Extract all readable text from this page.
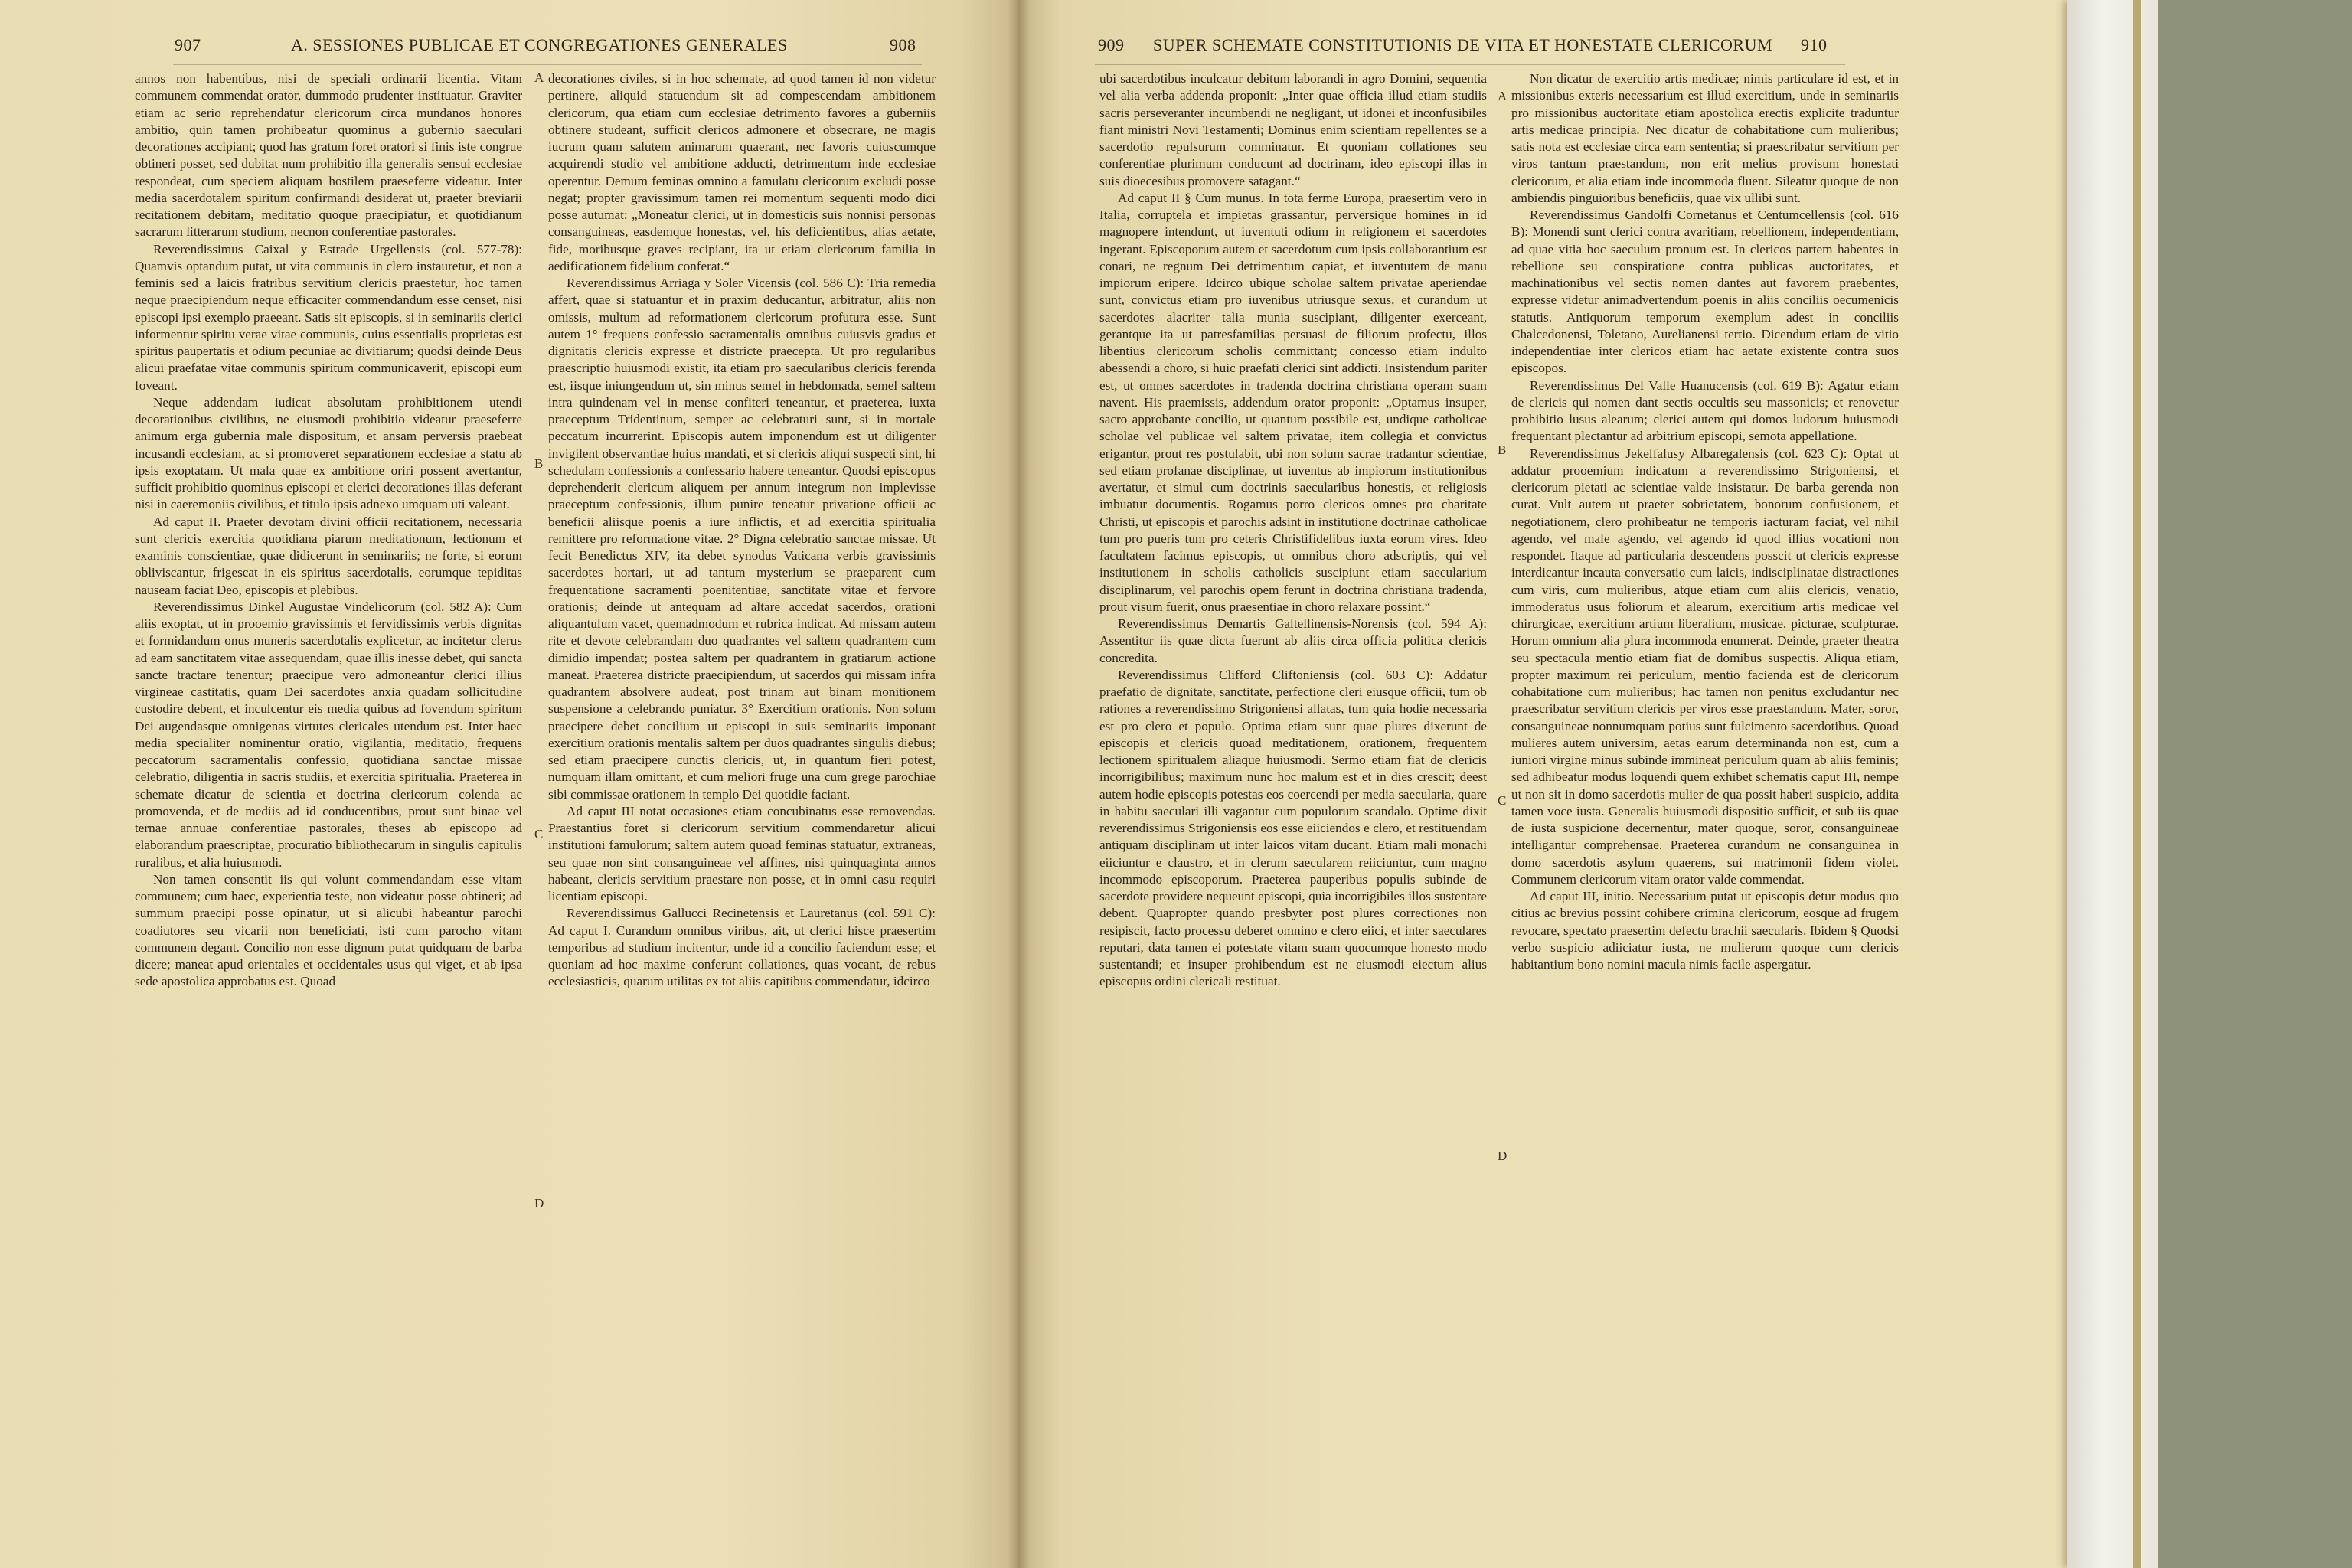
907	A. SESSIONES PUBLICAE ET CONGREGATIONES GENERALES	908

annos non habentibus, nisi de speciali ordinarii licentia. Vitam communem commendat orator, dummodo prudenter instituatur. Graviter etiam ac serio reprehendatur clericorum circa mundanos honores ambitio, quin tamen prohibeatur quominus a gubernio saeculari decorationes accipiant; quod has gratum foret oratori si finis iste congrue obtineri posset, sed dubitat num prohibitio illa generalis sensui ecclesiae respondeat, cum speciem aliquam hostilem praeseferre videatur. Inter media sacerdotalem spiritum confirmandi desiderat ut, praeter breviarii recitationem debitam, meditatio quoque praecipiatur, et quotidianum sacrarum litterarum studium, necnon conferentiae pastorales.

Reverendissimus Caixal y Estrade Urgellensis (col. 577-78): Quamvis optandum putat, ut vita communis in clero instauretur, et non a feminis sed a laicis fratribus servitium clericis praestetur, hoc tamen neque praecipiendum neque efficaciter commendandum esse censet, nisi episcopi ipsi exemplo praeeant. Satis sit episcopis, si in seminariis clerici informentur spiritu verae vitae communis, cuius essentialis proprietas est spiritus paupertatis et odium pecuniae ac divitiarum; quodsi deinde Deus alicui praefatae vitae communis spiritum communicaverit, episcopi eum foveant.

Neque addendam iudicat absolutam prohibitionem utendi decorationibus civilibus, ne eiusmodi prohibitio videatur praeseferre animum erga gubernia male dispositum, et ansam perversis praebeat incusandi ecclesiam, ac si promoveret separationem ecclesiae a statu ab ipsis exoptatam. Ut mala quae ex ambitione oriri possent avertantur, sufficit prohibitio quominus episcopi et clerici decorationes illas deferant nisi in caeremoniis civilibus, et titulo ipsis adnexo umquam uti valeant.

Ad caput II. Praeter devotam divini officii recitationem, necessaria sunt clericis exercitia quotidiana piarum meditationum, lectionum et examinis conscientiae, quae didicerunt in seminariis; ne forte, si eorum obliviscantur, frigescat in eis spiritus sacerdotalis, eorumque tepiditas nauseam faciat Deo, episcopis et plebibus.

Reverendissimus Dinkel Augustae Vindelicorum (col. 582 A): Cum aliis exoptat, ut in prooemio gravissimis et fervidissimis verbis dignitas et formidandum onus muneris sacerdotalis explicetur, ac incitetur clerus ad eam sanctitatem vitae assequendam, quae illis inesse debet, qui sancta sancte tractare tenentur; praecipue vero admoneantur clerici illius virgineae castitatis, quam Dei sacerdotes anxia quadam sollicitudine custodire debent, et inculcentur eis media quibus ad fovendum spiritum Dei augendasque omnigenas virtutes clericales utendum est. Inter haec media specialiter nominentur oratio, vigilantia, meditatio, frequens peccatorum sacramentalis confessio, quotidiana sanctae missae celebratio, diligentia in sacris studiis, et exercitia spiritualia. Praeterea in schemate dicatur de scientia et doctrina clericorum colenda ac promovenda, et de mediis ad id conducentibus, prout sunt binae vel ternae annuae conferentiae pastorales, theses ab episcopo ad elaborandum praescriptae, procuratio bibliothecarum in singulis capitulis ruralibus, et alia huiusmodi.

Non tamen consentit iis qui volunt commendandam esse vitam communem; cum haec, experientia teste, non videatur posse obtineri; ad summum praecipi posse opinatur, ut si alicubi habeantur parochi coadiutores seu vicarii non beneficiati, isti cum parocho vitam communem degant. Concilio non esse dignum putat quidquam de barba dicere; maneat apud orientales et occidentales usus qui viget, et ab ipsa sede apostolica approbatus est. Quoad

A
B
C
D

decorationes civiles, si in hoc schemate, ad quod tamen id non videtur pertinere, aliquid statuendum sit ad compescendam ambitionem clericorum, qua etiam cum ecclesiae detrimento favores a guberniis obtinere studeant, sufficit clericos admonere et obsecrare, ne magis iucrum quam salutem animarum quaerant, nec favoris cuiuscumque acquirendi studio vel ambitione adducti, detrimentum inde ecclesiae operentur. Demum feminas omnino a famulatu clericorum excludi posse negat; propter gravissimum tamen rei momentum sequenti modo dici posse autumat: „Moneatur clerici, ut in domesticis suis nonnisi personas consanguineas, easdemque honestas, vel, his deficientibus, alias aetate, fide, moribusque graves recipiant, ita ut etiam clericorum familia in aedificationem fidelium conferat.“

Reverendissimus Arriaga y Soler Vicensis (col. 586 C): Tria remedia affert, quae si statuantur et in praxim deducantur, arbitratur, aliis non omissis, multum ad reformationem clericorum profutura esse. Sunt autem 1° frequens confessio sacramentalis omnibus cuiusvis gradus et dignitatis clericis expresse et districte praecepta. Ut pro regularibus praescriptio huiusmodi existit, ita etiam pro saecularibus clericis ferenda est, iisque iniungendum ut, sin minus semel in hebdomada, semel saltem intra quindenam vel in mense confiteri teneantur, et praeterea, iuxta praeceptum Tridentinum, semper ac celebraturi sunt, si in mortale peccatum incurrerint. Episcopis autem imponendum est ut diligenter invigilent observantiae huius mandati, et si clericis aliqui suspecti sint, hi schedulam confessionis a confessario habere teneantur. Quodsi episcopus deprehenderit clericum aliquem per annum integrum non implevisse praeceptum confessionis, illum punire teneatur privatione officii ac beneficii aliisque poenis a iure inflictis, et ad exercitia spiritualia remittere pro reformatione vitae. 2° Digna celebratio sanctae missae. Ut fecit Benedictus XIV, ita debet synodus Vaticana verbis gravissimis sacerdotes hortari, ut ad tantum mysterium se praeparent cum frequentatione sacramenti poenitentiae, sanctitate vitae et fervore orationis; deinde ut antequam ad altare accedat sacerdos, orationi aliquantulum vacet, quemadmodum et rubrica indicat. Ad missam autem rite et devote celebrandam duo quadrantes vel saltem quadrantem cum dimidio impendat; postea saltem per quadrantem in gratiarum actione maneat. Praeterea districte praecipiendum, ut sacerdos qui missam infra quadrantem absolvere audeat, post trinam aut binam monitionem suspensione a celebrando puniatur. 3° Exercitium orationis. Non solum praecipere debet concilium ut episcopi in suis seminariis imponant exercitium orationis mentalis saltem per duos quadrantes singulis diebus; sed etiam praecipere cunctis clericis, ut, in quantum fieri potest, numquam illam omittant, et cum meliori fruge una cum grege parochiae sibi commissae orationem in templo Dei quotidie faciant.

Ad caput III notat occasiones etiam concubinatus esse removendas. Praestantius foret si clericorum servitium commendaretur alicui institutioni famulorum; saltem autem quoad feminas statuatur, extraneas, seu quae non sint consanguineae vel affines, nisi quinquaginta annos habeant, clericis servitium praestare non posse, et in omni casu requiri licentiam episcopi.

Reverendissimus Gallucci Recinetensis et Lauretanus (col. 591 C): Ad caput I. Curandum omnibus viribus, ait, ut clerici hisce praesertim temporibus ad studium incitentur, unde id a concilio faciendum esse; et quoniam ad hoc maxime conferunt collationes, quas vocant, de rebus ecclesiasticis, quarum utilitas ex tot aliis capitibus commendatur, idcirco

909 SUPER SCHEMATE CONSTITUTIONIS DE VITA ET HONESTATE CLERICORUM 910

ubi sacerdotibus inculcatur debitum laborandi in agro Domini, sequentia vel alia verba addenda proponit: „Inter quae officia illud etiam studiis sacris perseveranter incumbendi ne negligant, ut idonei et inconfusibiles fiant ministri Novi Testamenti; Dominus enim scientiam repellentes se a sacerdotio repulsurum comminatur. Et quoniam collationes seu conferentiae plurimum conducunt ad doctrinam, ideo episcopi illas in suis dioecesibus promovere satagant.“

Ad caput II § Cum munus. In tota ferme Europa, praesertim vero in Italia, corruptela et impietas grassantur, perversique homines in id magnopere intendunt, ut iuventuti odium in religionem et sacerdotes ingerant. Episcoporum autem et sacerdotum cum ipsis collaborantium est conari, ne regnum Dei detrimentum capiat, et iuventutem de manu impiorum eripere. Idcirco ubique scholae saltem privatae aperiendae sunt, convictus etiam pro iuvenibus utriusque sexus, et curandum ut sacerdotes alacriter talia munia suscipiant, diligenter exerceant, gerantque ita ut patresfamilias persuasi de filiorum profectu, illos libentius clericorum scholis committant; concesso etiam indulto abessendi a choro, si huic praefati clerici sint addicti. Insistendum pariter est, ut omnes sacerdotes in tradenda doctrina christiana operam suam navent. His praemissis, addendum orator proponit: „Optamus insuper, sacro approbante concilio, ut quantum possibile est, undique catholicae scholae vel publicae vel saltem privatae, item collegia et convictus erigantur, prout res postulabit, ubi non solum sacrae tradantur scientiae, sed etiam profanae disciplinae, ut iuventus ab impiorum institutionibus avertatur, et simul cum doctrinis saecularibus honestis, et religiosis imbuatur documentis. Rogamus porro clericos omnes pro charitate Christi, ut episcopis et parochis adsint in institutione doctrinae catholicae tum pro pueris tum pro ceteris Christifidelibus iuxta eorum vires. Ideo facultatem facimus episcopis, ut omnibus choro adscriptis, qui vel institutionem in scholis catholicis suscipiunt etiam saecularium disciplinarum, vel parochis opem ferunt in doctrina christiana tradenda, prout visum fuerit, onus praesentiae in choro relaxare possint.“

Reverendissimus Demartis Galtellinensis-Norensis (col. 594 A): Assentitur iis quae dicta fuerunt ab aliis circa officia politica clericis concredita.

Reverendissimus Clifford Cliftoniensis (col. 603 C): Addatur praefatio de dignitate, sanctitate, perfectione cleri eiusque officii, tum ob rationes a reverendissimo Strigoniensi allatas, tum quia hodie necessaria est pro clero et populo. Optima etiam sunt quae plures dixerunt de episcopis et clericis quoad meditationem, orationem, frequentem lectionem spiritualem aliaque huiusmodi. Sermo etiam fiat de clericis incorrigibilibus; maximum nunc hoc malum est et in dies crescit; deest autem hodie episcopis potestas eos coercendi per media saecularia, quare in habitu saeculari illi vagantur cum populorum scandalo. Optime dixit reverendissimus Strigoniensis eos esse eiiciendos e clero, et restituendam antiquam disciplinam ut inter laicos vitam ducant. Etiam mali monachi eiiciuntur e claustro, et in clerum saecularem reiiciuntur, cum magno incommodo episcoporum. Praeterea pauperibus populis subinde de sacerdote providere nequeunt episcopi, quia incorrigibiles illos sustentare debent. Quapropter quando presbyter post plures correctiones non resipiscit, facto processu deberet omnino e clero eiici, et inter saeculares reputari, data tamen ei potestate vitam suam quocumque honesto modo sustentandi; et insuper prohibendum est ne eiusmodi eiectum alius episcopus ordini clericali restituat.

A
B
C
D

Non dicatur de exercitio artis medicae; nimis particulare id est, et in missionibus exteris necessarium est illud exercitium, unde in seminariis pro missionibus auctoritate etiam apostolica erectis explicite traduntur artis medicae principia. Nec dicatur de cohabitatione cum mulieribus; satis nota est ecclesiae circa eam sententia; si praescribatur servitium per viros tantum praestandum, non erit melius provisum honestati clericorum, et alia etiam inde incommoda fluent. Sileatur quoque de non ambiendis pinguioribus beneficiis, quae vix ullibi sunt.

Reverendissimus Gandolfi Cornetanus et Centumcellensis (col. 616 B): Monendi sunt clerici contra avaritiam, rebellionem, independentiam, ad quae vitia hoc saeculum pronum est. In clericos partem habentes in rebellione seu conspiratione contra publicas auctoritates, et machinationibus vel sectis nomen dantes aut favorem praebentes, expresse videtur animadvertendum poenis in aliis conciliis oecumenicis statutis. Antiquorum temporum exemplum adest in conciliis Chalcedonensi, Toletano, Aurelianensi tertio. Dicendum etiam de vitio independentiae inter clericos etiam hac aetate existente contra suos episcopos.

Reverendissimus Del Valle Huanucensis (col. 619 B): Agatur etiam de clericis qui nomen dant sectis occultis seu massonicis; et renovetur prohibitio lusus alearum; clerici autem qui domos ludorum huiusmodi frequentant plectantur ad arbitrium episcopi, semota appellatione.

Reverendissimus Jekelfalusy Albaregalensis (col. 623 C): Optat ut addatur prooemium indicatum a reverendissimo Strigoniensi, et clericorum pietati ac scientiae valde insistatur. De barba gerenda non curat. Vult autem ut praeter sobrietatem, bonorum confusionem, et negotiationem, clero prohibeatur ne temporis iacturam faciat, vel nihil agendo, vel male agendo, vel agendo id quod illius vocationi non respondet. Itaque ad particularia descendens posscit ut clericis expresse interdicantur incauta conversatio cum laicis, indisciplinatae distractiones cum viris, cum mulieribus, atque etiam cum aliis clericis, venatio, immoderatus usus foliorum et alearum, exercitium artis medicae vel chirurgicae, exercitium artium liberalium, musicae, picturae, sculpturae. Horum omnium alia plura incommoda enumerat. Deinde, praeter theatra seu spectacula mentio etiam fiat de domibus suspectis. Aliqua etiam, propter maximum rei periculum, mentio facienda est de clericorum cohabitatione cum mulieribus; hac tamen non penitus excludantur nec praescribatur servitium clericis per viros esse praestandum. Mater, soror, consanguineae nonnumquam potius sunt fulcimento sacerdotibus. Quoad mulieres autem universim, aetas earum determinanda non est, cum a iuniori virgine minus subinde immineat periculum quam ab aliis feminis; sed adhibeatur modus loquendi quem exhibet schematis caput III, nempe ut non sit in domo sacerdotis mulier de qua possit haberi suspicio, addita tamen voce iusta. Generalis huiusmodi dispositio sufficit, et sub iis quae de iusta suspicione decernentur, mater quoque, soror, consanguineae intelligantur comprehensae. Praeterea curandum ne consanguinea in domo sacerdotis asylum quaerens, sui matrimonii fidem violet. Communem clericorum vitam orator valde commendat.

Ad caput III, initio. Necessarium putat ut episcopis detur modus quo citius ac brevius possint cohibere crimina clericorum, eosque ad frugem revocare, spectato praesertim defectu brachii saecularis. Ibidem § Quodsi verbo suspicio adiiciatur iusta, ne mulierum quoque cum clericis habitantium bono nomini macula nimis facile aspergatur.
